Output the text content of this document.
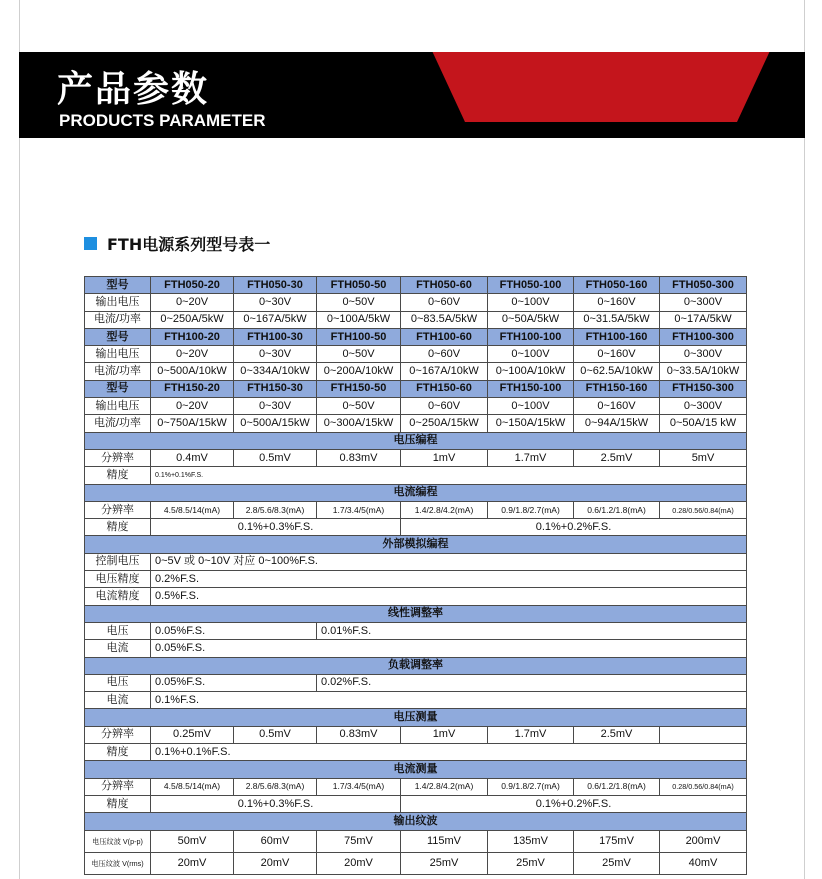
产品参数
PRODUCTS PARAMETER
FTH电源系列型号表一
型号	FTH050-20	FTH050-30	FTH050-50	FTH050-60	FTH050-100	FTH050-160	FTH050-300
输出电压	0~20V	0~30V	0~50V	0~60V	0~100V	0~160V	0~300V
电流/功率	0~250A/5kW	0~167A/5kW	0~100A/5kW	0~83.5A/5kW	0~50A/5kW	0~31.5A/5kW	0~17A/5kW
型号	FTH100-20	FTH100-30	FTH100-50	FTH100-60	FTH100-100	FTH100-160	FTH100-300
输出电压	0~20V	0~30V	0~50V	0~60V	0~100V	0~160V	0~300V
电流/功率	0~500A/10kW	0~334A/10kW	0~200A/10kW	0~167A/10kW	0~100A/10kW	0~62.5A/10kW	0~33.5A/10kW
型号	FTH150-20	FTH150-30	FTH150-50	FTH150-60	FTH150-100	FTH150-160	FTH150-300
输出电压	0~20V	0~30V	0~50V	0~60V	0~100V	0~160V	0~300V
电流/功率	0~750A/15kW	0~500A/15kW	0~300A/15kW	0~250A/15kW	0~150A/15kW	0~94A/15kW	0~50A/15 kW
电压编程							
分辨率	0.4mV	0.5mV	0.83mV	1mV	1.7mV	2.5mV	5mV
精度	0.1%+0.1%F.S.						
电流编程							
分辨率	4.5/8.5/14(mA)	2.8/5.6/8.3(mA)	1.7/3.4/5(mA)	1.4/2.8/4.2(mA)	0.9/1.8/2.7(mA)	0.6/1.2/1.8(mA)	0.28/0.56/0.84(mA)
精度	0.1%+0.3%F.S.			0.1%+0.2%F.S.			
外部模拟编程							
控制电压	0~5V 或 0~10V 对应 0~100%F.S.						
电压精度	0.2%F.S.						
电流精度	0.5%F.S.						
线性调整率							
电压	0.05%F.S.		0.01%F.S.				
电流	0.05%F.S.						
负载调整率							
电压	0.05%F.S.		0.02%F.S.				
电流	0.1%F.S.						
电压测量							
分辨率	0.25mV	0.5mV	0.83mV	1mV	1.7mV	2.5mV	
精度	0.1%+0.1%F.S.						
电流测量							
分辨率	4.5/8.5/14(mA)	2.8/5.6/8.3(mA)	1.7/3.4/5(mA)	1.4/2.8/4.2(mA)	0.9/1.8/2.7(mA)	0.6/1.2/1.8(mA)	0.28/0.56/0.84(mA)
精度	0.1%+0.3%F.S.			0.1%+0.2%F.S.			
输出纹波							
电压纹波 V(p-p)	50mV	60mV	75mV	115mV	135mV	175mV	200mV
电压纹波 V(rms)	20mV	20mV	20mV	25mV	25mV	25mV	40mV
